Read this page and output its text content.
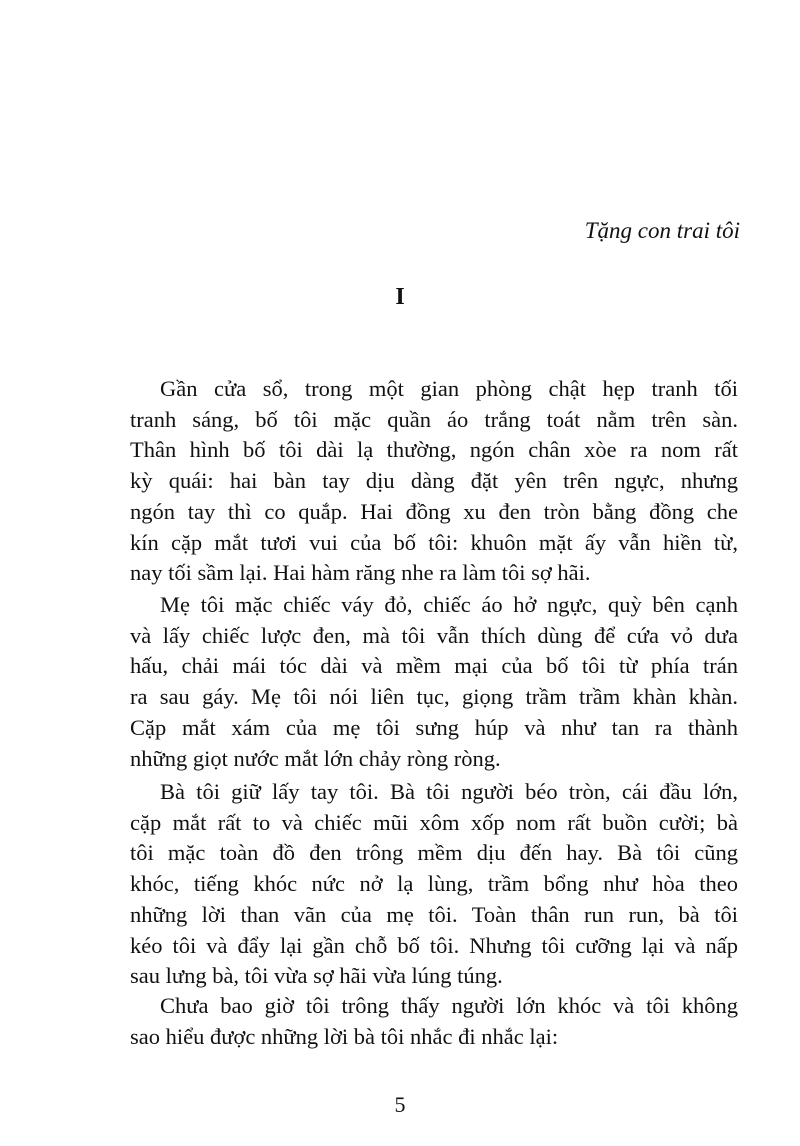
Tặng con trai tôi
I
Gần cửa sổ, trong một gian phòng chật hẹp tranh tối
tranh sáng, bố tôi mặc quần áo trắng toát nằm trên sàn.
Thân hình bố tôi dài lạ thường, ngón chân xòe ra nom rất
kỳ quái: hai bàn tay dịu dàng đặt yên trên ngực, nhưng
ngón tay thì co quắp. Hai đồng xu đen tròn bằng đồng che
kín cặp mắt tươi vui của bố tôi: khuôn mặt ấy vẫn hiền từ,
nay tối sầm lại. Hai hàm răng nhe ra làm tôi sợ hãi.
Mẹ tôi mặc chiếc váy đỏ, chiếc áo hở ngực, quỳ bên cạnh
và lấy chiếc lược đen, mà tôi vẫn thích dùng để cứa vỏ dưa
hấu, chải mái tóc dài và mềm mại của bố tôi từ phía trán
ra sau gáy. Mẹ tôi nói liên tục, giọng trầm trầm khàn khàn.
Cặp mắt xám của mẹ tôi sưng húp và như tan ra thành
những giọt nước mắt lớn chảy ròng ròng.
Bà tôi giữ lấy tay tôi. Bà tôi người béo tròn, cái đầu lớn,
cặp mắt rất to và chiếc mũi xôm xốp nom rất buồn cười; bà
tôi mặc toàn đồ đen trông mềm dịu đến hay. Bà tôi cũng
khóc, tiếng khóc nức nở lạ lùng, trầm bổng như hòa theo
những lời than vãn của mẹ tôi. Toàn thân run run, bà tôi
kéo tôi và đẩy lại gần chỗ bố tôi. Nhưng tôi cưỡng lại và nấp
sau lưng bà, tôi vừa sợ hãi vừa lúng túng.
Chưa bao giờ tôi trông thấy người lớn khóc và tôi không
sao hiểu được những lời bà tôi nhắc đi nhắc lại:
5
